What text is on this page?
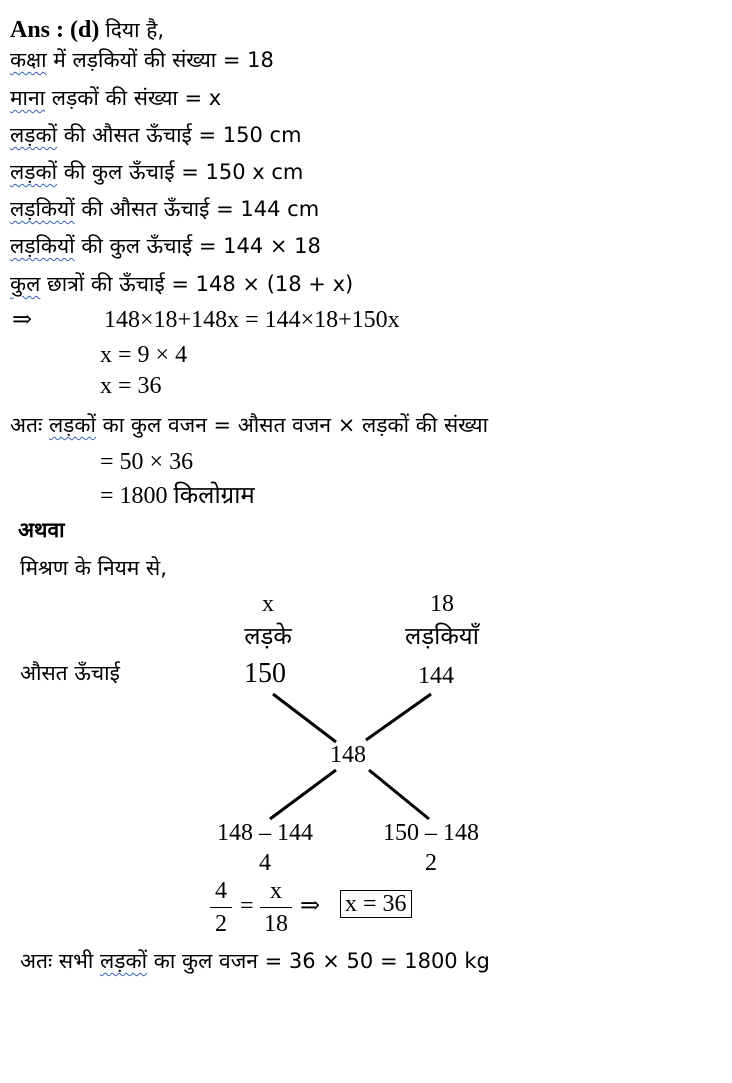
Ans : (d) दिया है,
कक्षा में लड़कियों की संख्या = 18
माना लड़कों की संख्या = x
लड़कों की औसत ऊँचाई = 150 cm
लड़कों की कुल ऊँचाई = 150 x cm
लड़कियों की औसत ऊँचाई = 144 cm
लड़कियों की कुल ऊँचाई = 144 × 18
कुल छात्रों की ऊँचाई = 148 × (18 + x)
⇒	148×18+148x = 144×18+150x
x = 9 × 4
x = 36
अतः लड़कों का कुल वजन = औसत वजन × लड़कों की संख्या
= 50 × 36
= 1800 किलोग्राम
अथवा
मिश्रण के नियम से,
x
लड़के
18
लड़कियाँ
औसत ऊँचाई	150	144
148
148 – 144
4
150 – 148
2
4
2
=
x
18
⇒ x = 36
अतः सभी लड़कों का कुल वजन = 36 × 50 = 1800 kg
